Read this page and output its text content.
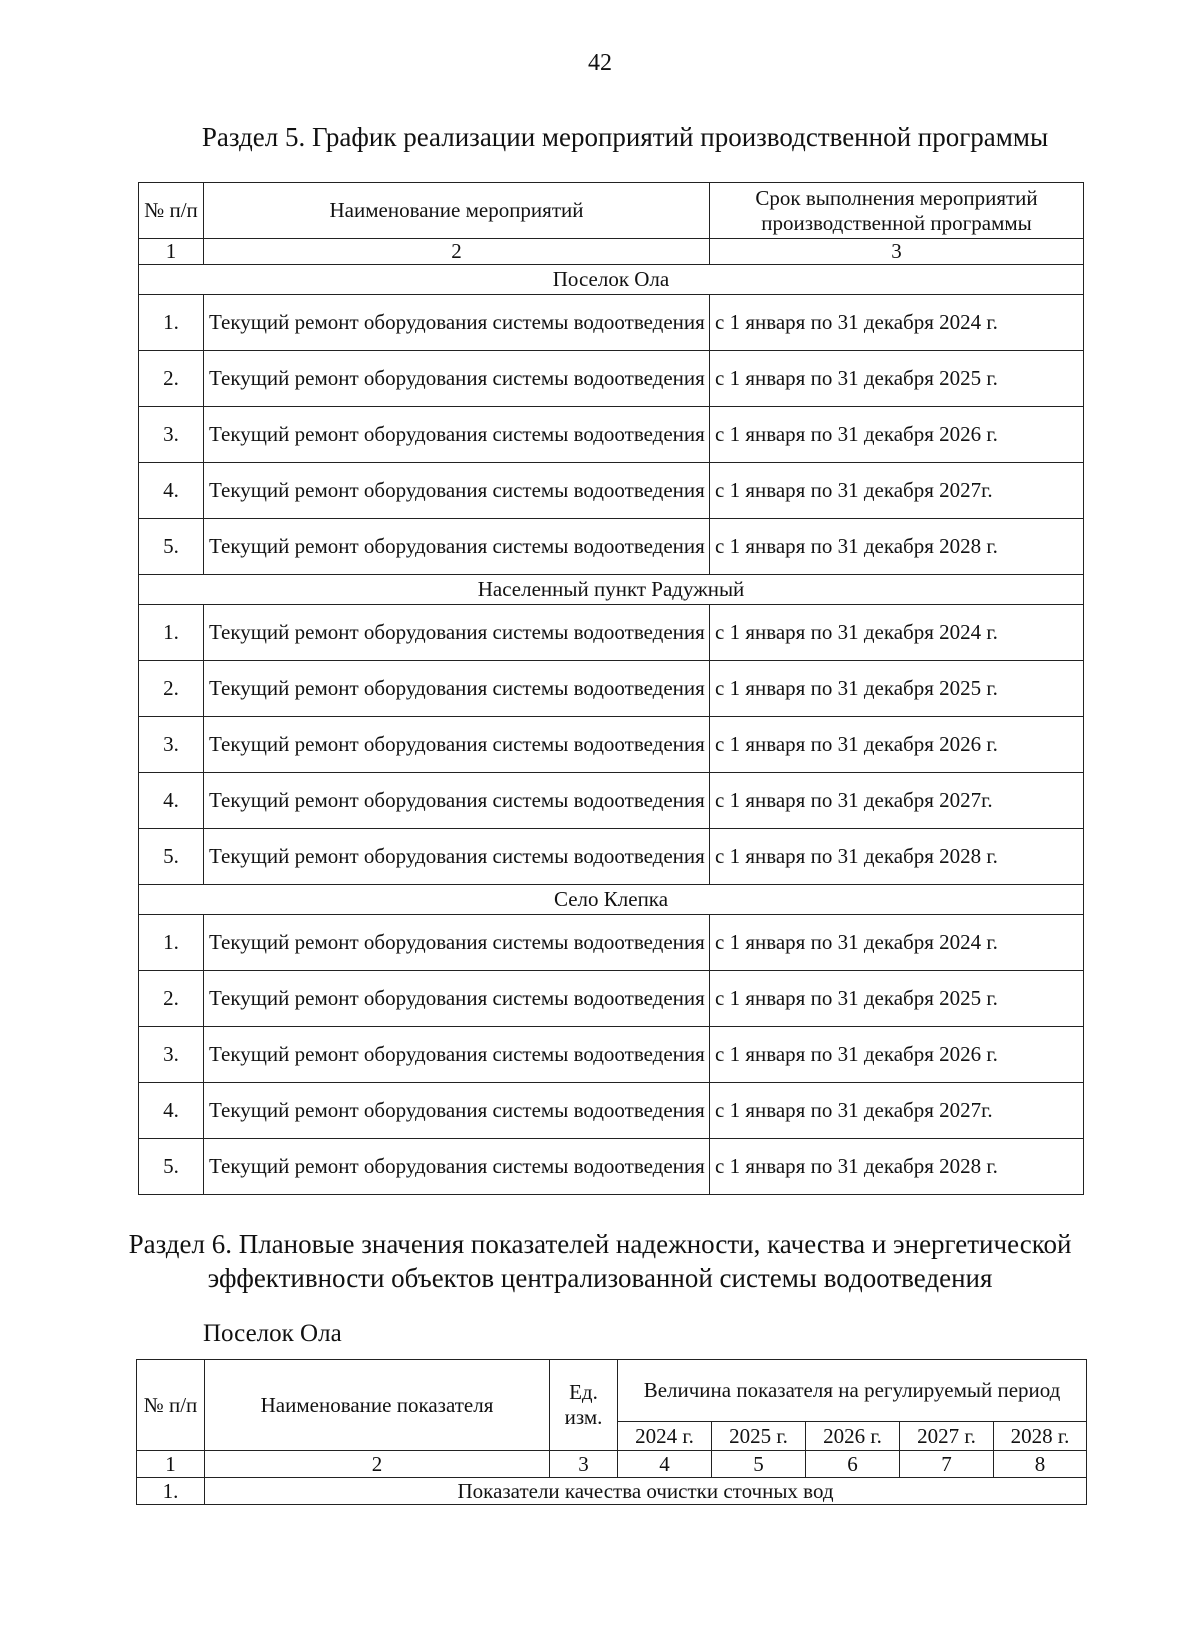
42
Раздел 5. График реализации мероприятий производственной программы
№ п/п	Наименование мероприятий	Срок выполнения мероприятий производственной программы
1	2	3
Поселок Ола		
1.	Текущий ремонт оборудования системы водоотведения	с 1 января по 31 декабря 2024 г.
2.	Текущий ремонт оборудования системы водоотведения	с 1 января по 31 декабря 2025 г.
3.	Текущий ремонт оборудования системы водоотведения	с 1 января по 31 декабря 2026 г.
4.	Текущий ремонт оборудования системы водоотведения	с 1 января по 31 декабря 2027г.
5.	Текущий ремонт оборудования системы водоотведения	с 1 января по 31 декабря 2028 г.
Населенный пункт Радужный		
1.	Текущий ремонт оборудования системы водоотведения	с 1 января по 31 декабря 2024 г.
2.	Текущий ремонт оборудования системы водоотведения	с 1 января по 31 декабря 2025 г.
3.	Текущий ремонт оборудования системы водоотведения	с 1 января по 31 декабря 2026 г.
4.	Текущий ремонт оборудования системы водоотведения	с 1 января по 31 декабря 2027г.
5.	Текущий ремонт оборудования системы водоотведения	с 1 января по 31 декабря 2028 г.
Село Клепка		
1.	Текущий ремонт оборудования системы водоотведения	с 1 января по 31 декабря 2024 г.
2.	Текущий ремонт оборудования системы водоотведения	с 1 января по 31 декабря 2025 г.
3.	Текущий ремонт оборудования системы водоотведения	с 1 января по 31 декабря 2026 г.
4.	Текущий ремонт оборудования системы водоотведения	с 1 января по 31 декабря 2027г.
5.	Текущий ремонт оборудования системы водоотведения	с 1 января по 31 декабря 2028 г.
Раздел 6. Плановые значения показателей надежности, качества и энергетической
эффективности объектов централизованной системы водоотведения
Поселок Ола
№ п/п	Наименование показателя	Ед. изм.	Величина показателя на регулируемый период				
			2024 г.	2025 г.	2026 г.	2027 г.	2028 г.
1	2	3	4	5	6	7	8
1.	Показатели качества очистки сточных вод						
